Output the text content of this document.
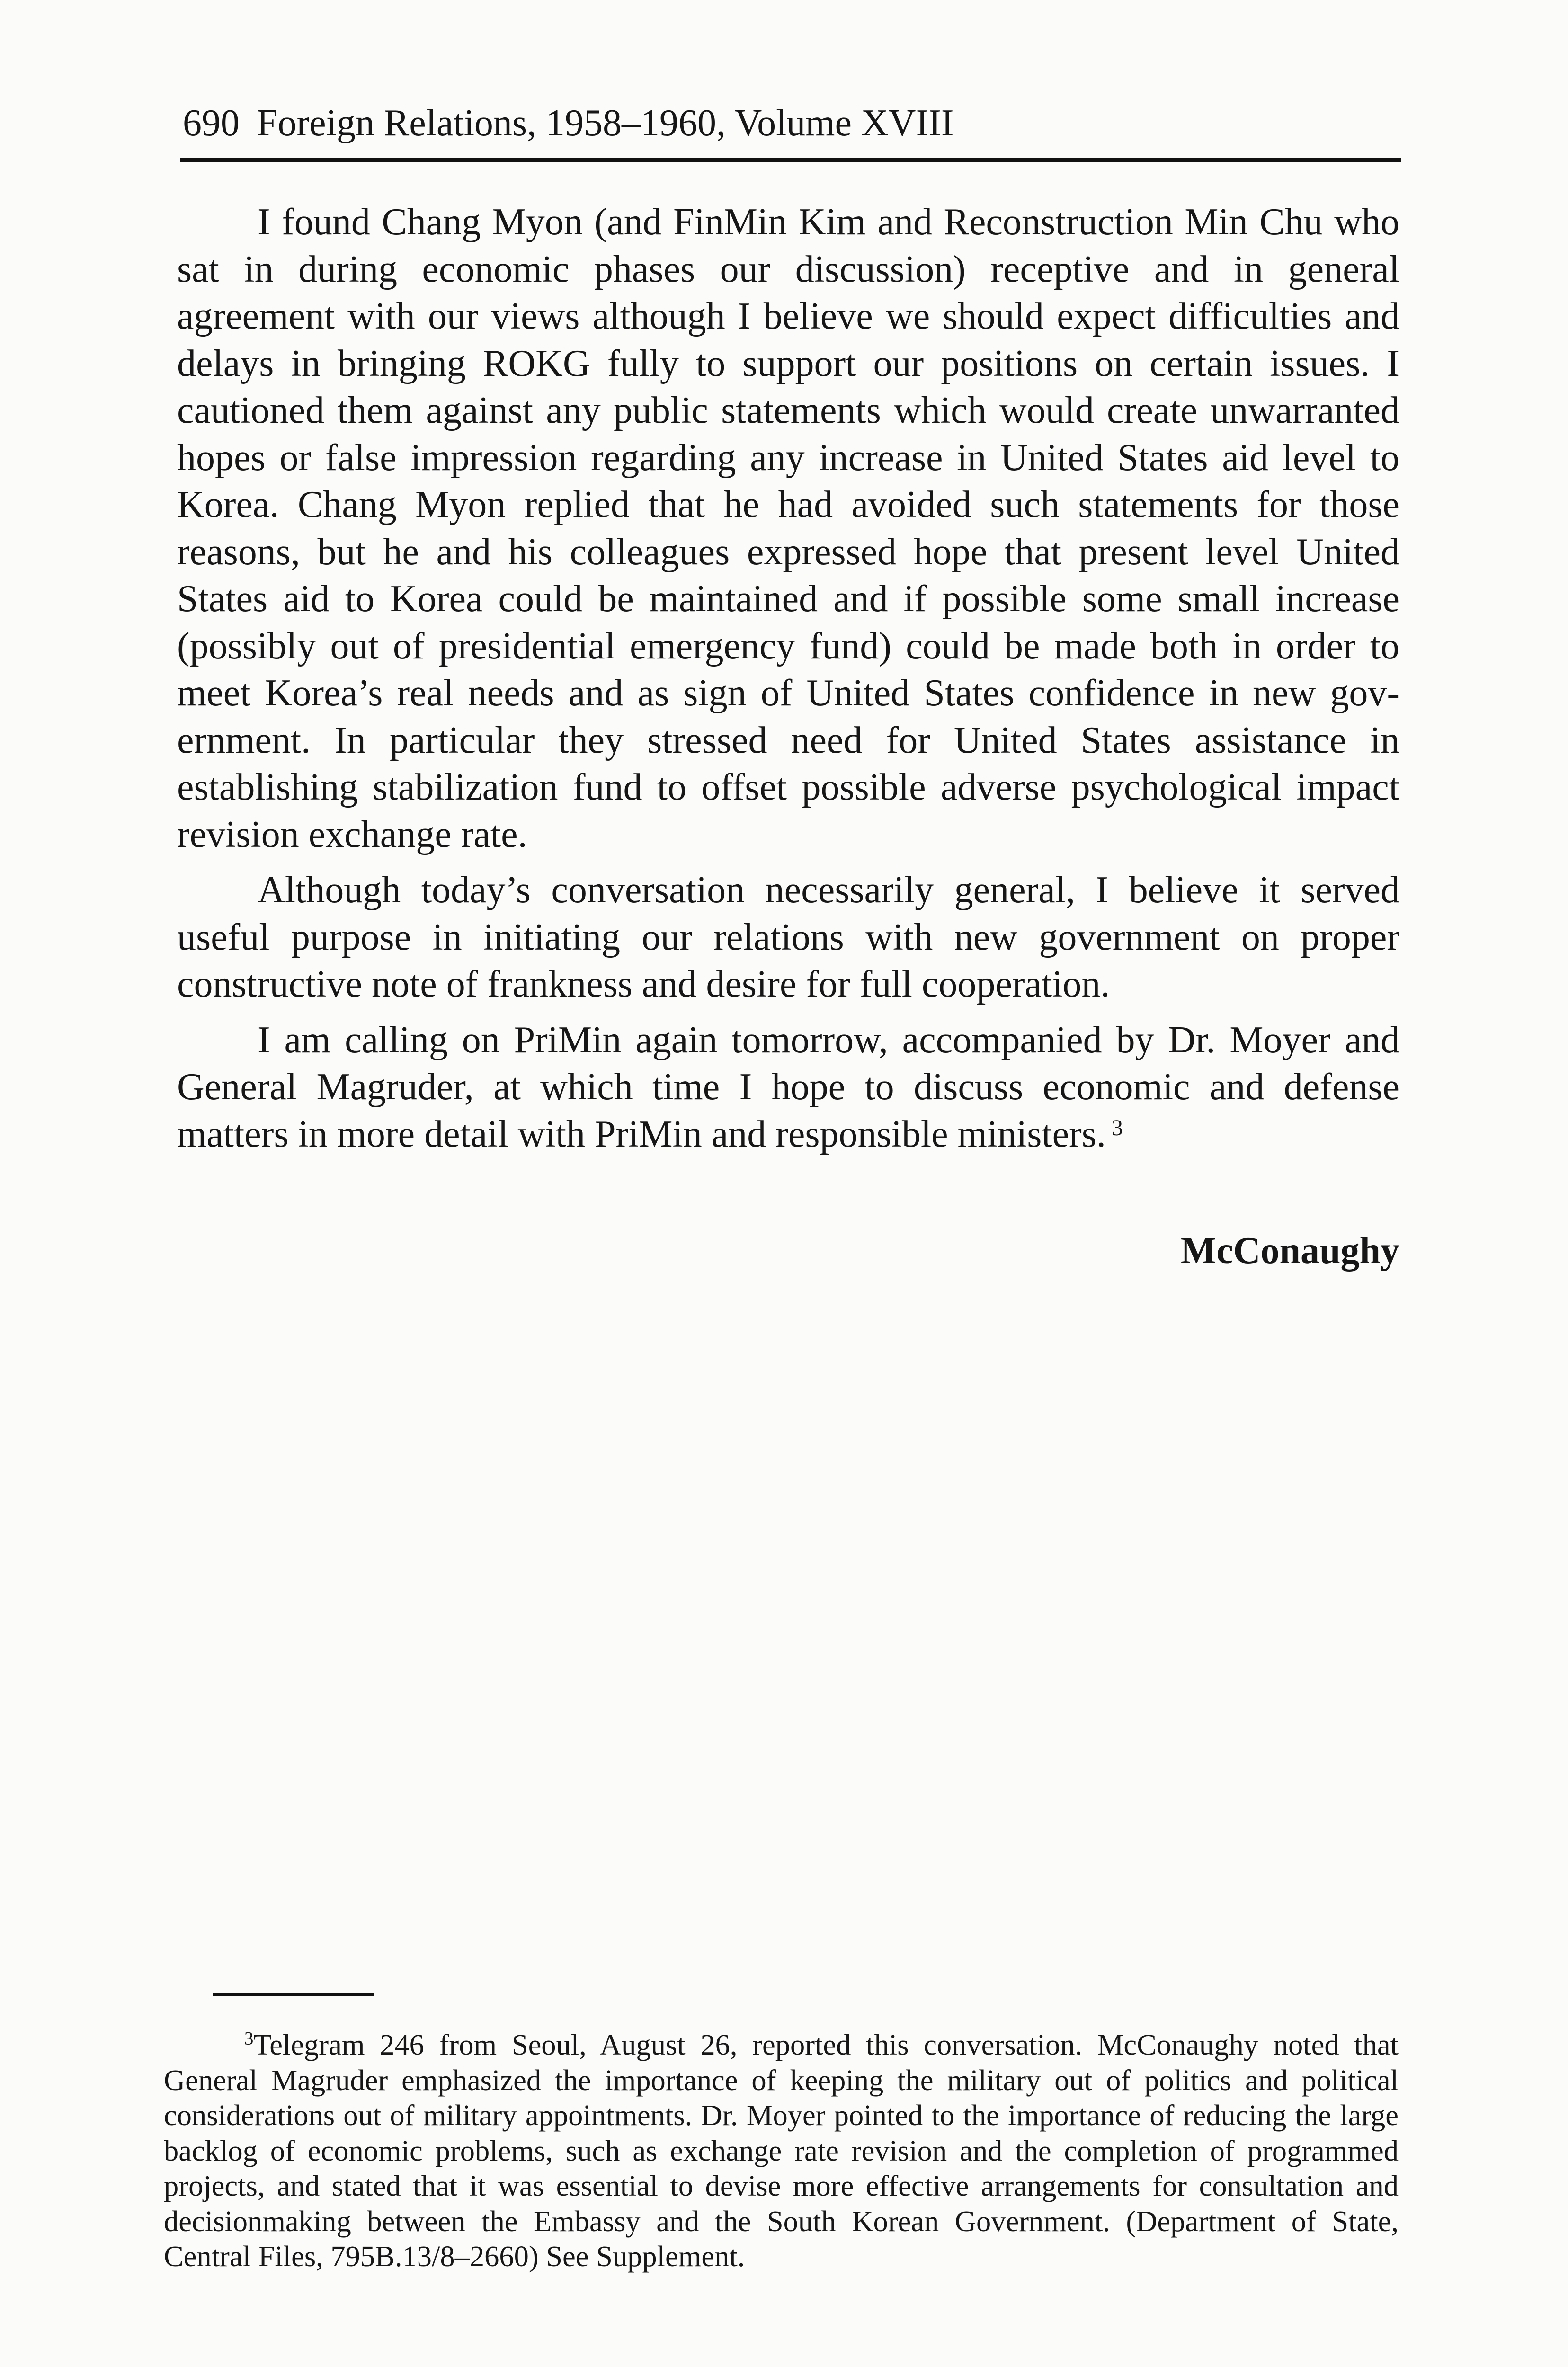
690 Foreign Relations, 1958–1960, Volume XVIII

I found Chang Myon (and FinMin Kim and Reconstruction Min Chu who sat in during economic phases our discussion) receptive and in general agreement with our views although I believe we should expect difficulties and delays in bringing ROKG fully to support our positions on certain issues. I cautioned them against any public statements which would create unwarranted hopes or false impression regarding any increase in United States aid level to Korea. Chang Myon replied that he had avoided such statements for those reasons, but he and his colleagues expressed hope that present level United States aid to Korea could be maintained and if possible some small increase (possibly out of presidential emergency fund) could be made both in order to meet Korea’s real needs and as sign of United States confidence in new government. In particular they stressed need for United States assistance in establishing stabilization fund to offset possible adverse psychological impact revision exchange rate.

Although today’s conversation necessarily general, I believe it served useful purpose in initiating our relations with new government on proper constructive note of frankness and desire for full cooperation.

I am calling on PriMin again tomorrow, accompanied by Dr. Moyer and General Magruder, at which time I hope to discuss economic and defense matters in more detail with PriMin and responsible ministers. $^3$

McConaughy

$^3$Telegram 246 from Seoul, August 26, reported this conversation. McConaughy noted that General Magruder emphasized the importance of keeping the military out of politics and political considerations out of military appointments. Dr. Moyer pointed to the importance of reducing the large backlog of economic problems, such as exchange rate revision and the completion of programmed projects, and stated that it was essential to devise more effective arrangements for consultation and decisionmaking between the Embassy and the South Korean Government. (Department of State, Central Files, 795B.13/8–2660) See Supplement.
